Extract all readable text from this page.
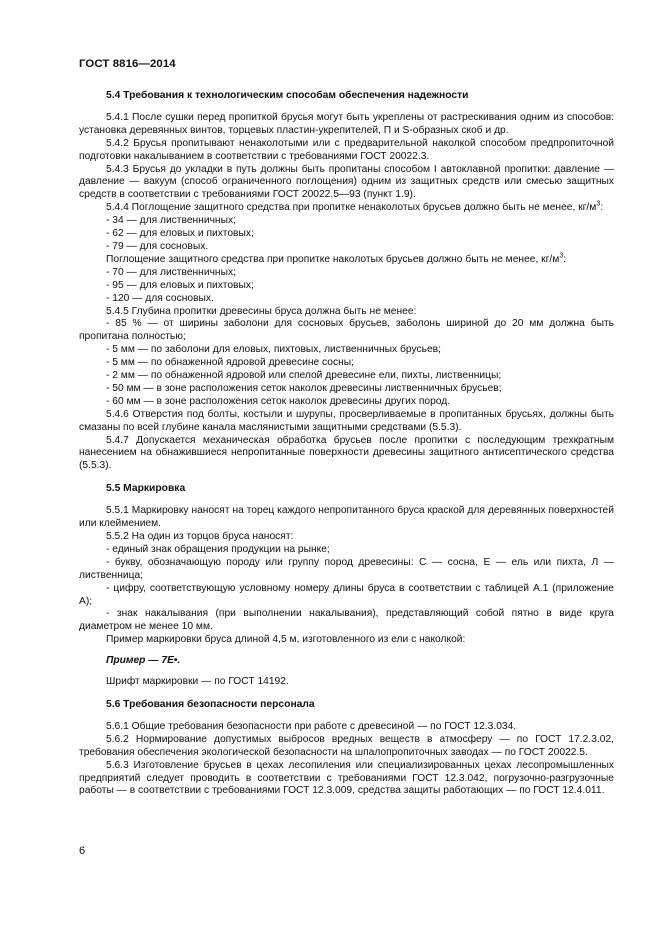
ГОСТ 8816—2014
5.4 Требования к технологическим способам обеспечения надежности

5.4.1 После сушки перед пропиткой брусья могут быть укреплены от растрескивания одним из способов: установка деревянных винтов, торцевых пластин-укрепителей, П и S-образных скоб и др.

5.4.2 Брусья пропитывают ненаколотыми или с предварительной наколкой способом предпропиточной подготовки накалыванием в соответствии с требованиями ГОСТ 20022.3.

5.4.3 Брусья до укладки в путь должны быть пропитаны способом I автоклавной пропитки: давление — давление — вакуум (способ ограниченного поглощения) одним из защитных средств или смесью защитных средств в соответствии с требованиями ГОСТ 20022.5—93 (пункт 1.9).

5.4.4 Поглощение защитного средства при пропитке ненаколотых брусьев должно быть не менее, $кг/м^3$:

- 34 — для лиственничных;

- 62 — для еловых и пихтовых;

- 79 — для сосновых.

Поглощение защитного средства при пропитке наколотых брусьев должно быть не менее, $кг/м^3$:

- 70 — для лиственничных;

- 95 — для еловых и пихтовых;

- 120 — для сосновых.

5.4.5 Глубина пропитки древесины бруса должна быть не менее:

- 85 % — от ширины заболони для сосновых брусьев, заболонь шириной до 20 мм должна быть пропитана полностью;

- 5 мм — по заболони для еловых, пихтовых, лиственничных брусьев;

- 5 мм — по обнаженной ядровой древесине сосны;

- 2 мм — по обнаженной ядровой или спелой древесине ели, пихты, лиственницы;

- 50 мм — в зоне расположения сеток наколок древесины лиственничных брусьев;

- 60 мм — в зоне расположения сеток наколок древесины других пород.

5.4.6 Отверстия под болты, костыли и шурупы, просверливаемые в пропитанных брусьях, должны быть смазаны по всей глубине канала маслянистыми защитными средствами (5.5.3).

5.4.7 Допускается механическая обработка брусьев после пропитки с последующим трехкратным нанесением на обнажившиеся непропитанные поверхности древесины защитного антисептического средства (5.5.3).

5.5 Маркировка

5.5.1 Маркировку наносят на торец каждого непропитанного бруса краской для деревянных поверхностей или клеймением.

5.5.2 На один из торцов бруса наносят:

- единый знак обращения продукции на рынке;

- букву, обозначающую породу или группу пород древесины: С — сосна, Е — ель или пихта, Л — лиственница;

- цифру, соответствующую условному номеру длины бруса в соответствии с таблицей А.1 (приложение А);

- знак накалывания (при выполнении накалывания), представляющий собой пятно в виде круга диаметром не менее 10 мм.

Пример маркировки бруса длиной 4,5 м, изготовленного из ели с наколкой:

Пример — 7Е•.

Шрифт маркировки — по ГОСТ 14192.

5.6 Требования безопасности персонала

5.6.1 Общие требования безопасности при работе с древесиной — по ГОСТ 12.3.034.

5.6.2 Нормирование допустимых выбросов вредных веществ в атмосферу — по ГОСТ 17.2.3.02, требования обеспечения экологической безопасности на шпалопропиточных заводах — по ГОСТ 20022.5.

5.6.3 Изготовление брусьев в цехах лесопиления или специализированных цехах лесопромышленных предприятий следует проводить в соответствии с требованиями ГОСТ 12.3.042, погрузочно-разгрузочные работы — в соответствии с требованиями ГОСТ 12.3.009, средства защиты работающих — по ГОСТ 12.4.011.

6
